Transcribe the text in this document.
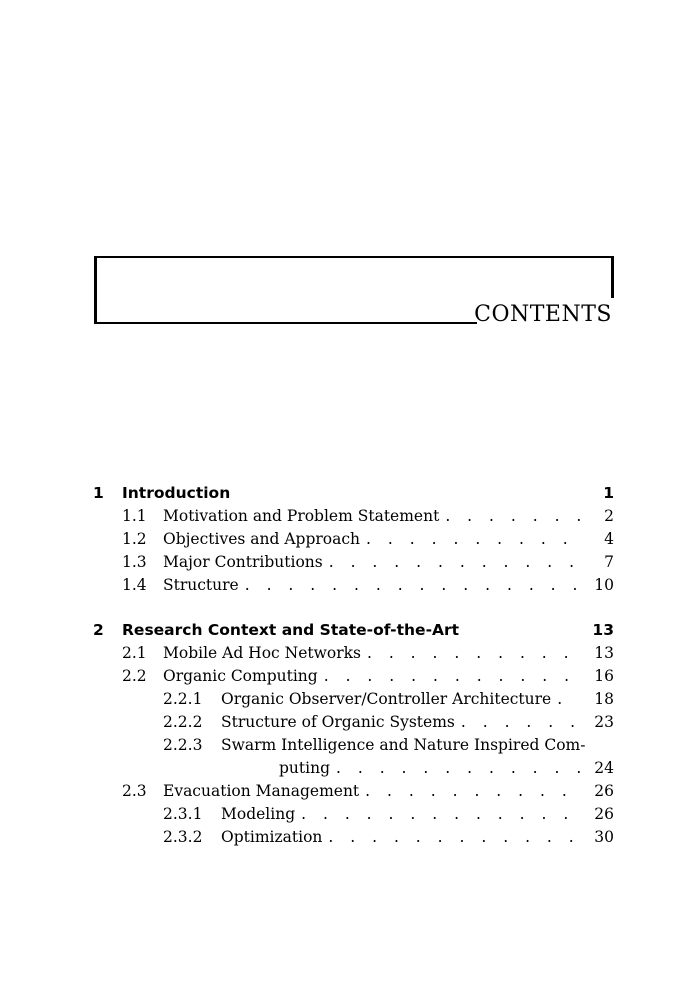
CONTENTS
1	Introduction	1
1.1	Motivation and Problem Statement . . .	2
1.2	Objectives and Approach . . .	4
1.3	Major Contributions . . .	7
1.4	Structure . . .	10
2	Research Context and State-of-the-Art	13
2.1	Mobile Ad Hoc Networks . . .	13
2.2	Organic Computing . . .	16
2.2.1	Organic Observer/Controller Architecture . . .	18
2.2.2	Structure of Organic Systems . . .	23
2.2.3	Swarm Intelligence and Nature Inspired Com-
puting . . .	24
2.3	Evacuation Management . . .	26
2.3.1	Modeling . . .	26
2.3.2	Optimization . . .	30
